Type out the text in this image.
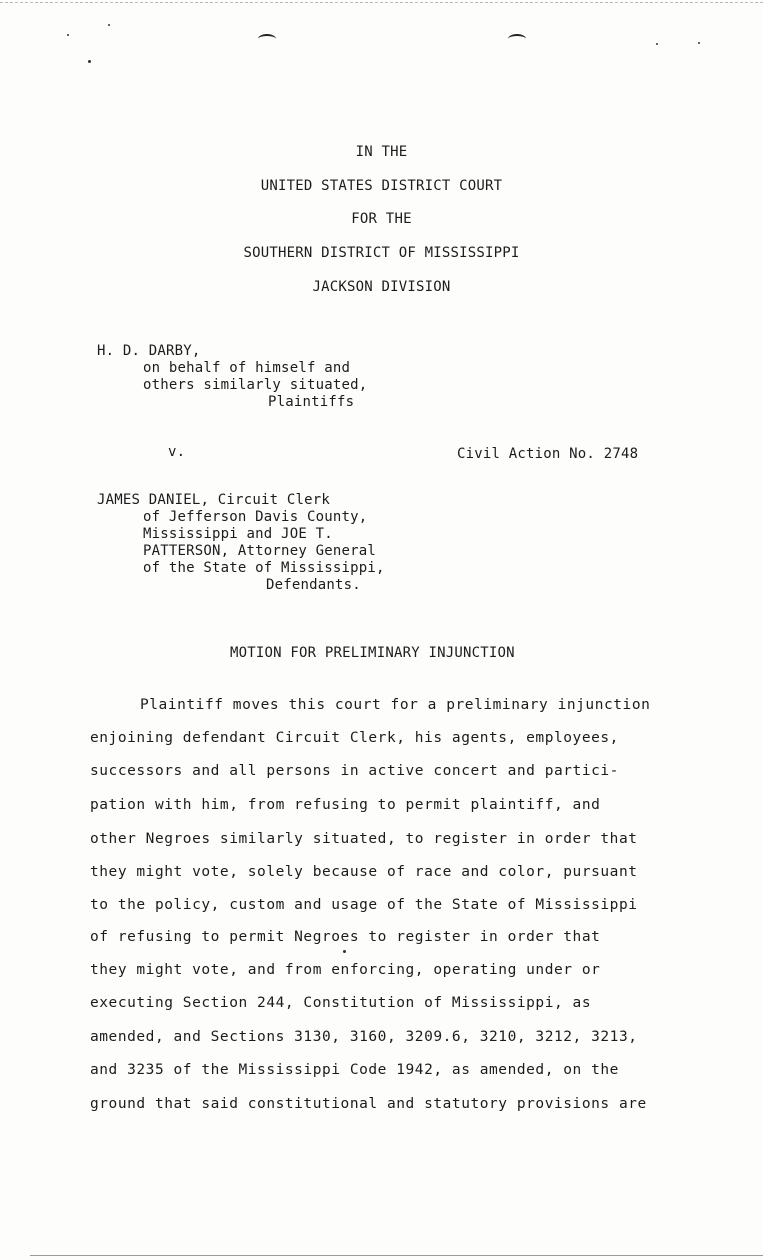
IN THE
UNITED STATES DISTRICT COURT
FOR THE
SOUTHERN DISTRICT OF MISSISSIPPI
JACKSON DIVISION
H. D. DARBY,
on behalf of himself and
others similarly situated,
Plaintiffs
v.	Civil Action No. 2748
JAMES DANIEL, Circuit Clerk
of Jefferson Davis County,
Mississippi and JOE T.
PATTERSON, Attorney General
of the State of Mississippi,
Defendants.
MOTION FOR PRELIMINARY INJUNCTION
Plaintiff moves this court for a preliminary injunction
enjoining defendant Circuit Clerk, his agents, employees,
successors and all persons in active concert and partici-
pation with him, from refusing to permit plaintiff, and
other Negroes similarly situated, to register in order that
they might vote, solely because of race and color, pursuant
to the policy, custom and usage of the State of Mississippi
of refusing to permit Negroes to register in order that
they might vote, and from enforcing, operating under or
executing Section 244, Constitution of Mississippi, as
amended, and Sections 3130, 3160, 3209.6, 3210, 3212, 3213,
and 3235 of the Mississippi Code 1942, as amended, on the
ground that said constitutional and statutory provisions are
